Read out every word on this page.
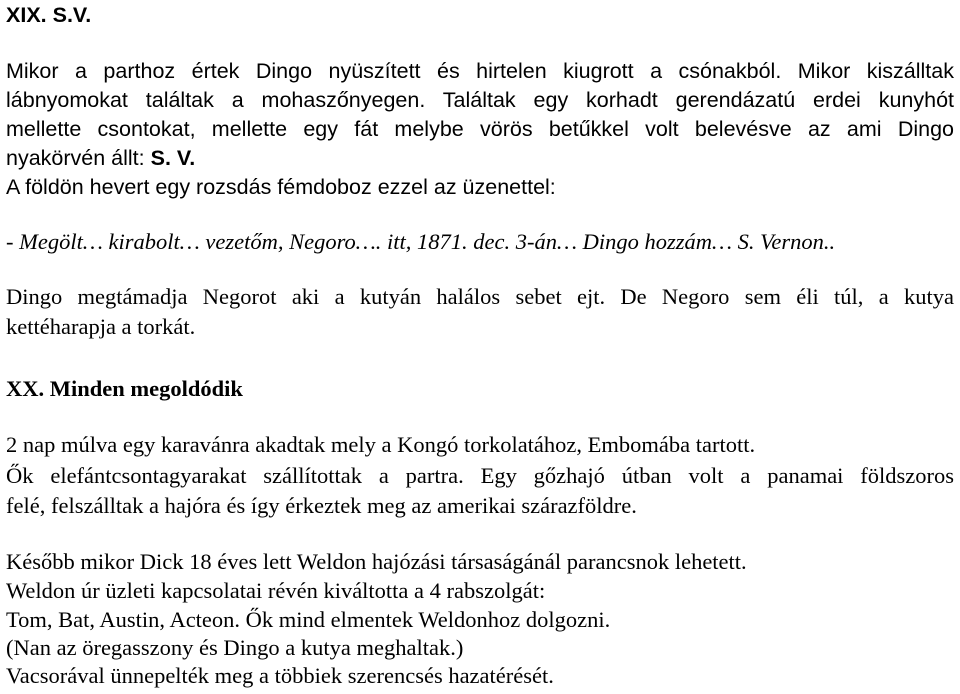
XIX. S.V.
Mikor a parthoz értek Dingo nyüszített és hirtelen kiugrott a csónakból. Mikor kiszálltak
lábnyomokat találtak a mohaszőnyegen. Találtak egy korhadt gerendázatú erdei kunyhót
mellette csontokat, mellette egy fát melybe vörös betűkkel volt belevésve az ami Dingo
nyakörvén állt: S. V.
A földön hevert egy rozsdás fémdoboz ezzel az üzenettel:
- Megölt… kirabolt… vezetőm, Negoro…. itt, 1871. dec. 3-án… Dingo hozzám… S. Vernon..
Dingo megtámadja Negorot aki a kutyán halálos sebet ejt. De Negoro sem éli túl, a kutya
kettéharapja a torkát.
XX. Minden megoldódik
2 nap múlva egy karavánra akadtak mely a Kongó torkolatához, Embomába tartott.
Ők elefántcsontagyarakat szállítottak a partra. Egy gőzhajó útban volt a panamai földszoros
felé, felszálltak a hajóra és így érkeztek meg az amerikai szárazföldre.
Később mikor Dick 18 éves lett Weldon hajózási társaságánál parancsnok lehetett.
Weldon úr üzleti kapcsolatai révén kiváltotta a 4 rabszolgát:
Tom, Bat, Austin, Acteon. Ők mind elmentek Weldonhoz dolgozni.
(Nan az öregasszony és Dingo a kutya meghaltak.)
Vacsorával ünnepelték meg a többiek szerencsés hazatérését.
